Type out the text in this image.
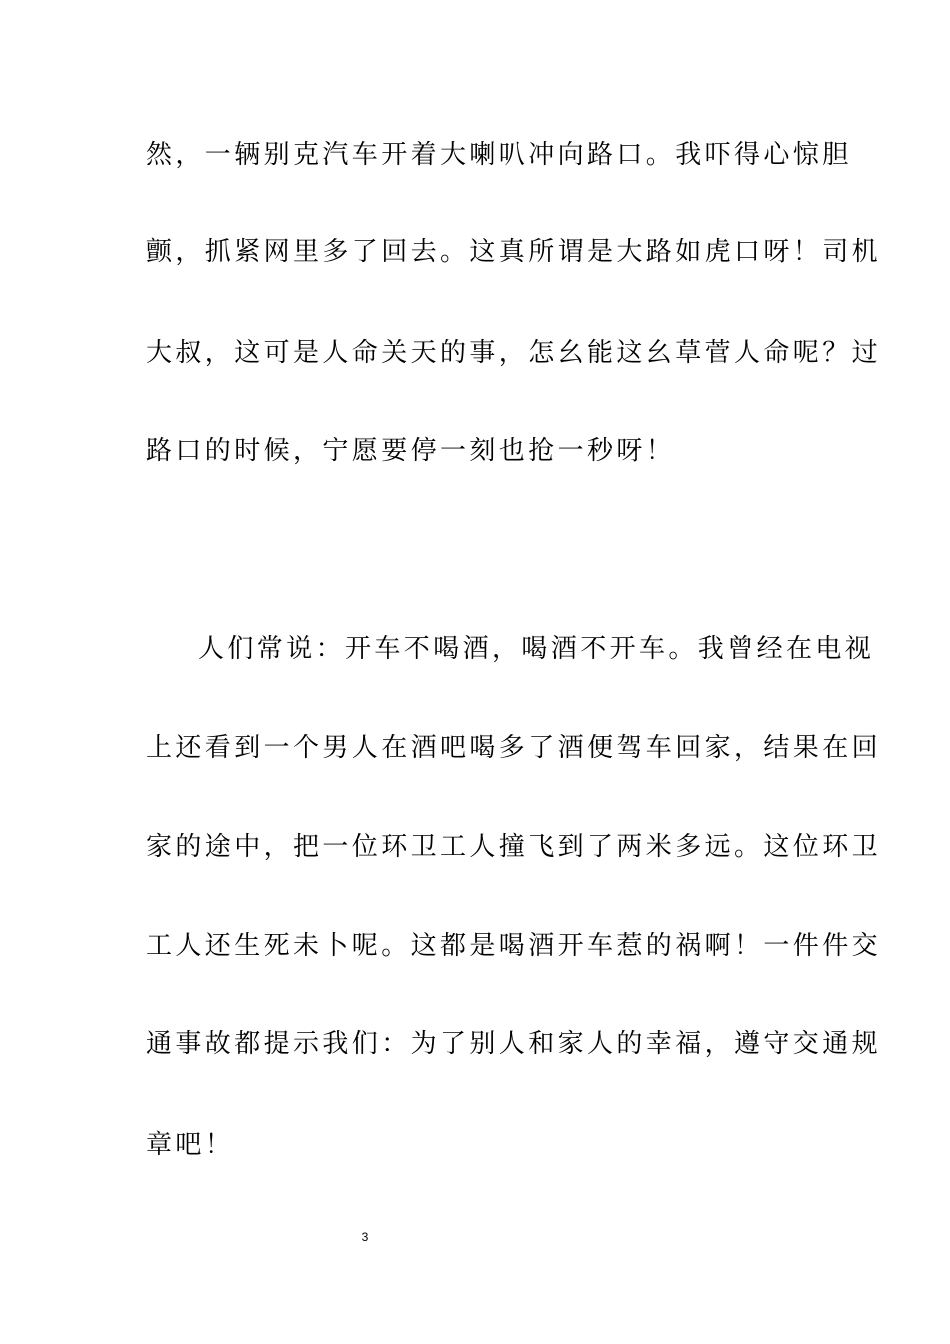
然，一辆别克汽车开着大喇叭冲向路口。我吓得心惊胆
颤，抓紧网里多了回去。这真所谓是大路如虎口呀！司机
大叔，这可是人命关天的事，怎幺能这幺草菅人命呢？过
路口的时候，宁愿要停一刻也抢一秒呀！
人们常说：开车不喝酒，喝酒不开车。我曾经在电视
上还看到一个男人在酒吧喝多了酒便驾车回家，结果在回
家的途中，把一位环卫工人撞飞到了两米多远。这位环卫
工人还生死未卜呢。这都是喝酒开车惹的祸啊！一件件交
通事故都提示我们：为了别人和家人的幸福，遵守交通规
章吧！
3
